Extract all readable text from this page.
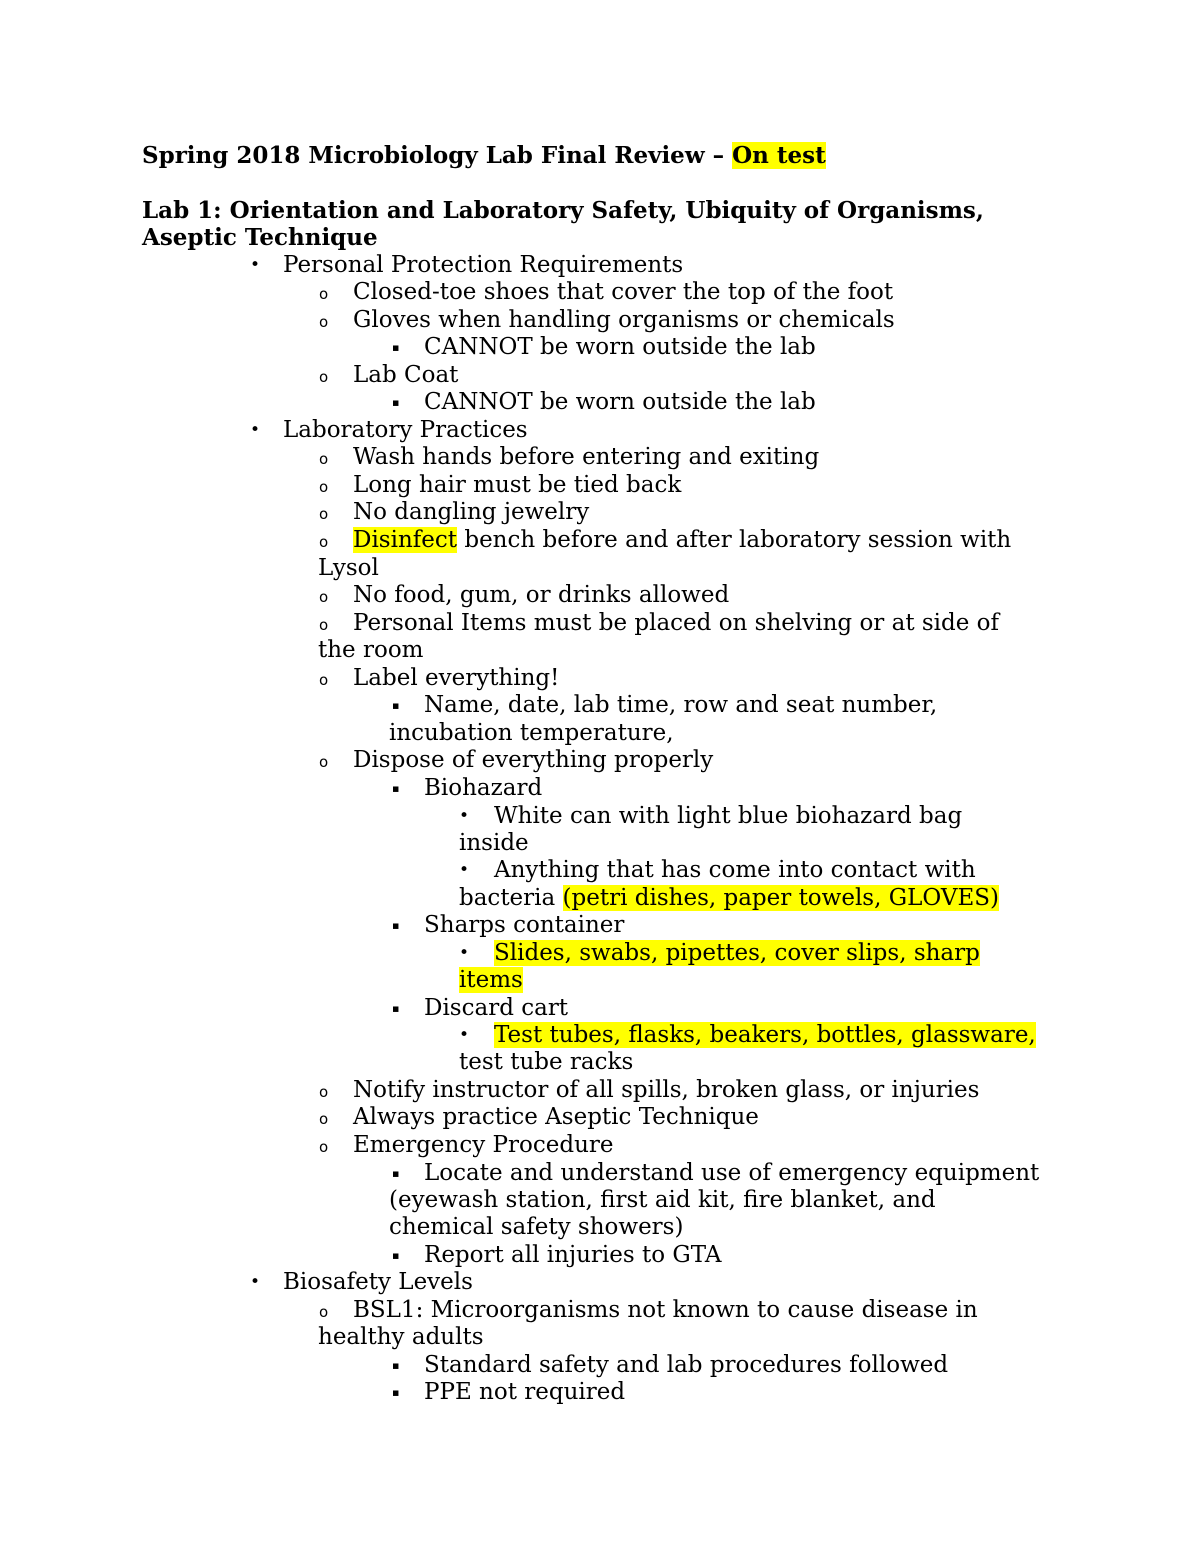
Spring 2018 Microbiology Lab Final Review – On test
Lab 1: Orientation and Laboratory Safety, Ubiquity of Organisms,
Aseptic Technique
• Personal Protection Requirements
o Closed-toe shoes that cover the top of the foot
o Gloves when handling organisms or chemicals
▪ CANNOT be worn outside the lab
o Lab Coat
▪ CANNOT be worn outside the lab
• Laboratory Practices
o Wash hands before entering and exiting
o Long hair must be tied back
o No dangling jewelry
o Disinfect bench before and after laboratory session with
Lysol
o No food, gum, or drinks allowed
o Personal Items must be placed on shelving or at side of
the room
o Label everything!
▪ Name, date, lab time, row and seat number,
incubation temperature,
o Dispose of everything properly
▪ Biohazard
• White can with light blue biohazard bag
inside
• Anything that has come into contact with
bacteria (petri dishes, paper towels, GLOVES)
▪ Sharps container
• Slides, swabs, pipettes, cover slips, sharp
items
▪ Discard cart
• Test tubes, flasks, beakers, bottles, glassware,
test tube racks
o Notify instructor of all spills, broken glass, or injuries
o Always practice Aseptic Technique
o Emergency Procedure
▪ Locate and understand use of emergency equipment
(eyewash station, first aid kit, fire blanket, and
chemical safety showers)
▪ Report all injuries to GTA
• Biosafety Levels
o BSL1: Microorganisms not known to cause disease in
healthy adults
▪ Standard safety and lab procedures followed
▪ PPE not required
